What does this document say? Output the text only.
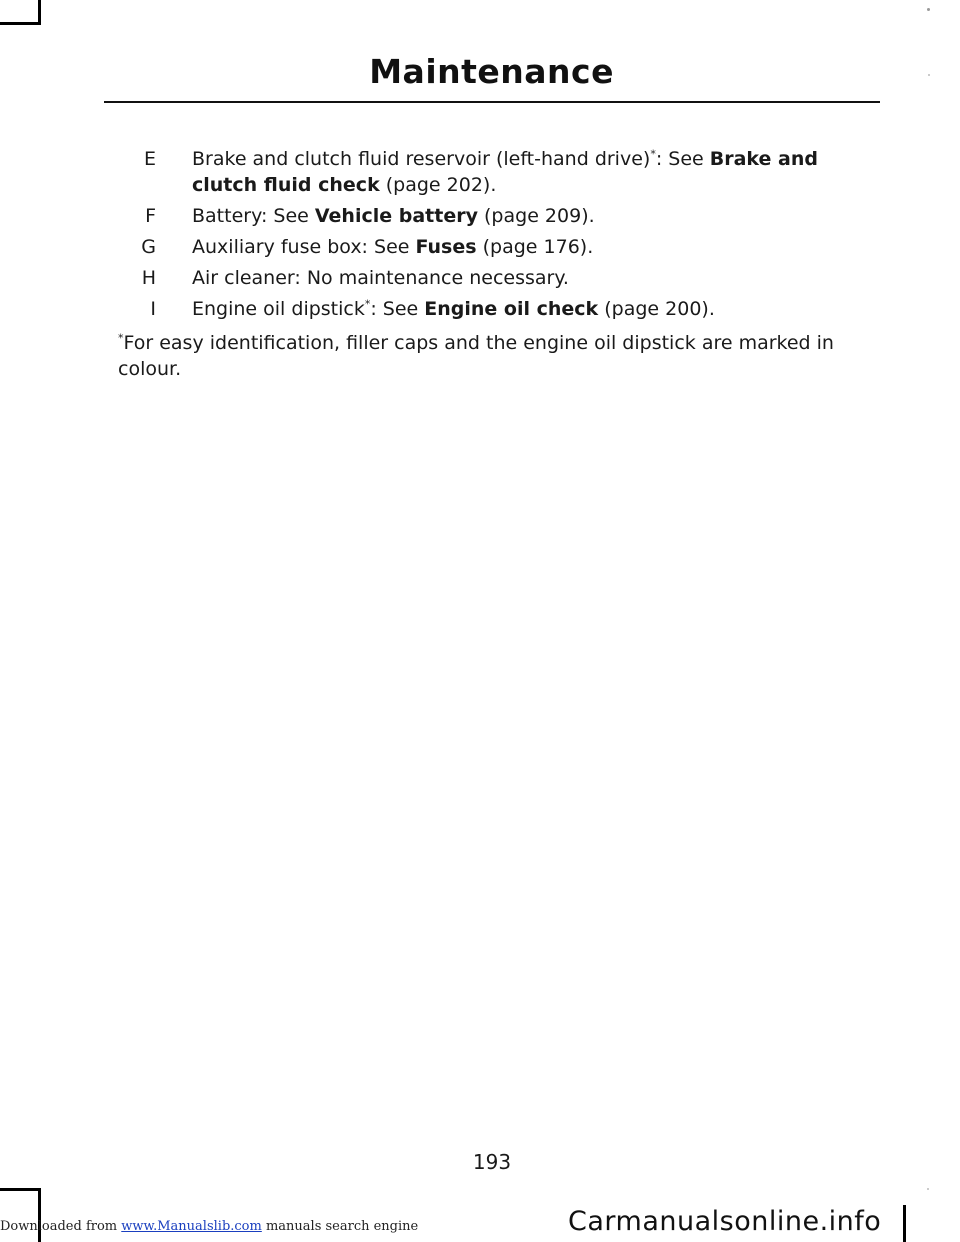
Maintenance
E	Brake and clutch fluid reservoir (left-hand drive)*: See Brake and clutch fluid check (page 202).
F	Battery: See Vehicle battery (page 209).
G	Auxiliary fuse box: See Fuses (page 176).
H	Air cleaner: No maintenance necessary.
I	Engine oil dipstick*: See Engine oil check (page 200).
*For easy identification, filler caps and the engine oil dipstick are marked in colour.
193
Downloaded from www.Manualslib.com manuals search engine	Carmanualsonline.info
